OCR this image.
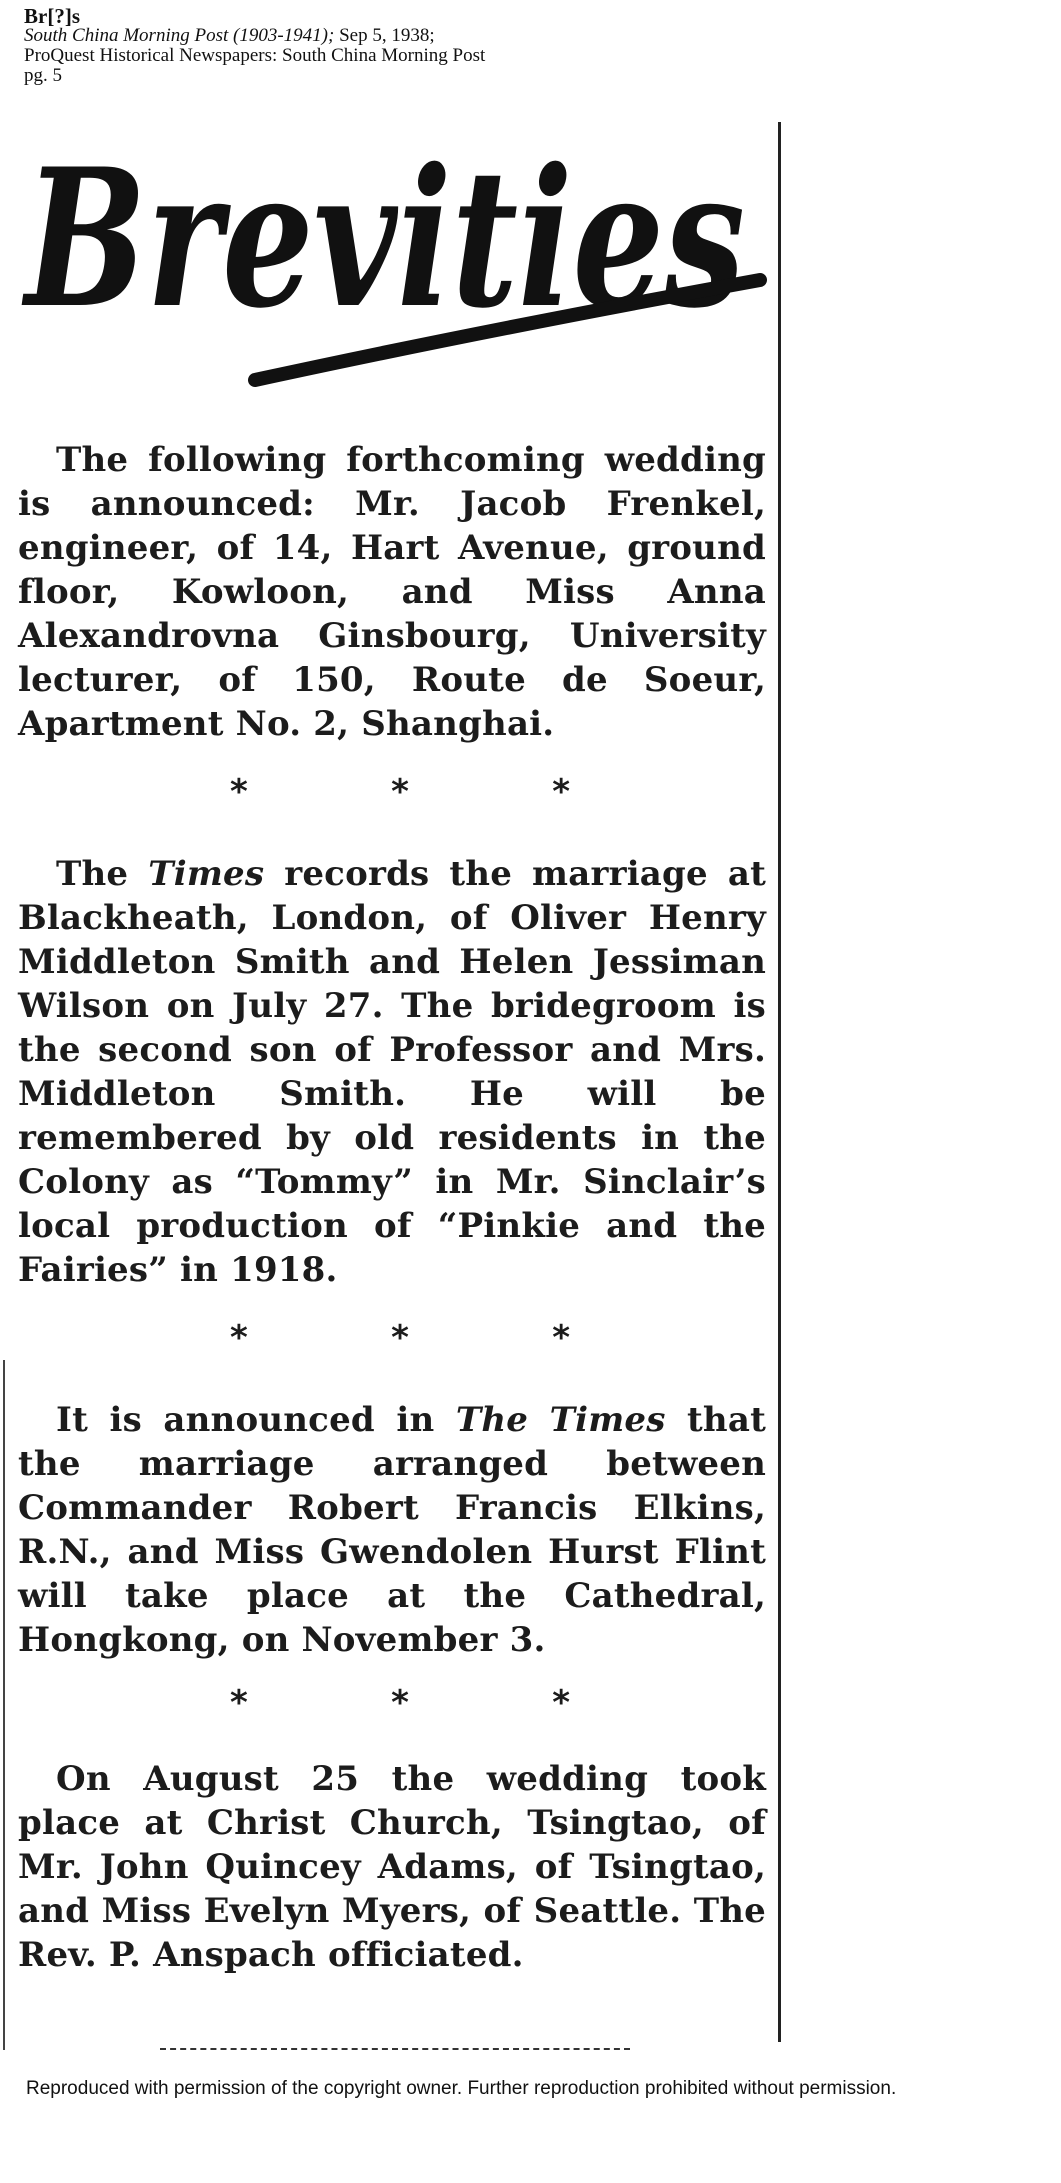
Br[?]s
South China Morning Post (1903-1941); Sep 5, 1938;
ProQuest Historical Newspapers: South China Morning Post
pg. 5
Brevities

The following forthcoming wedding is announced: Mr. Jacob Frenkel, engineer, of 14, Hart Avenue, ground floor, Kowloon, and Miss Anna Alexandrovna Ginsbourg, University lecturer, of 150, Route de Soeur, Apartment No. 2, Shanghai.

*	*	*

The Times records the marriage at Blackheath, London, of Oliver Henry Middleton Smith and Helen Jessiman Wilson on July 27. The bridegroom is the second son of Professor and Mrs. Middleton Smith. He will be remembered by old residents in the Colony as “Tommy” in Mr. Sinclair’s local production of “Pinkie and the Fairies” in 1918.

*	*	*

It is announced in The Times that the marriage arranged between Commander Robert Francis Elkins, R.N., and Miss Gwendolen Hurst Flint will take place at the Cathedral, Hongkong, on November 3.

*	*	*

On August 25 the wedding took place at Christ Church, Tsingtao, of Mr. John Quincey Adams, of Tsingtao, and Miss Evelyn Myers, of Seattle. The Rev. P. Anspach officiated.

Reproduced with permission of the copyright owner. Further reproduction prohibited without permission.
